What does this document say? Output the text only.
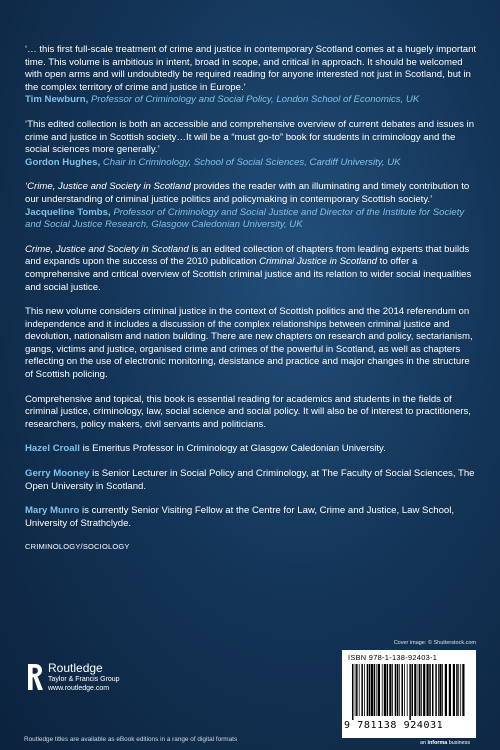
‘… this first full-scale treatment of crime and justice in contemporary Scotland comes at a hugely important time. This volume is ambitious in intent, broad in scope, and critical in approach. It should be welcomed with open arms and will undoubtedly be required reading for anyone interested not just in Scotland, but in the complex territory of crime and justice in Europe.’
Tim Newburn, Professor of Criminology and Social Policy, London School of Economics, UK
‘This edited collection is both an accessible and comprehensive overview of current debates and issues in crime and justice in Scottish society…It will be a “must go-to” book for students in criminology and the social sciences more generally.’
Gordon Hughes, Chair in Criminology, School of Social Sciences, Cardiff University, UK
‘Crime, Justice and Society in Scotland provides the reader with an illuminating and timely contribution to our understanding of criminal justice politics and policymaking in contemporary Scottish society.’
Jacqueline Tombs, Professor of Criminology and Social Justice and Director of the Institute for Society and Social Justice Research, Glasgow Caledonian University, UK
Crime, Justice and Society in Scotland is an edited collection of chapters from leading experts that builds and expands upon the success of the 2010 publication Criminal Justice in Scotland to offer a comprehensive and critical overview of Scottish criminal justice and its relation to wider social inequalities and social justice.
This new volume considers criminal justice in the context of Scottish politics and the 2014 referendum on independence and it includes a discussion of the complex relationships between criminal justice and devolution, nationalism and nation building. There are new chapters on research and policy, sectarianism, gangs, victims and justice, organised crime and crimes of the powerful in Scotland, as well as chapters reflecting on the use of electronic monitoring, desistance and practice and major changes in the structure of Scottish policing.
Comprehensive and topical, this book is essential reading for academics and students in the fields of criminal justice, criminology, law, social science and social policy. It will also be of interest to practitioners, researchers, policy makers, civil servants and politicians.
Hazel Croall is Emeritus Professor in Criminology at Glasgow Caledonian University.
Gerry Mooney is Senior Lecturer in Social Policy and Criminology, at The Faculty of Social Sciences, The Open University in Scotland.
Mary Munro is currently Senior Visiting Fellow at the Centre for Law, Crime and Justice, Law School, University of Strathclyde.
CRIMINOLOGY/SOCIOLOGY
Cover image: © Shutterstock.com
Routledge
Taylor & Francis Group
www.routledge.com
Routledge titles are available as eBook editions in a range of digital formats
ISBN 978-1-138-92403-1
9 781138 924031
an informa business
